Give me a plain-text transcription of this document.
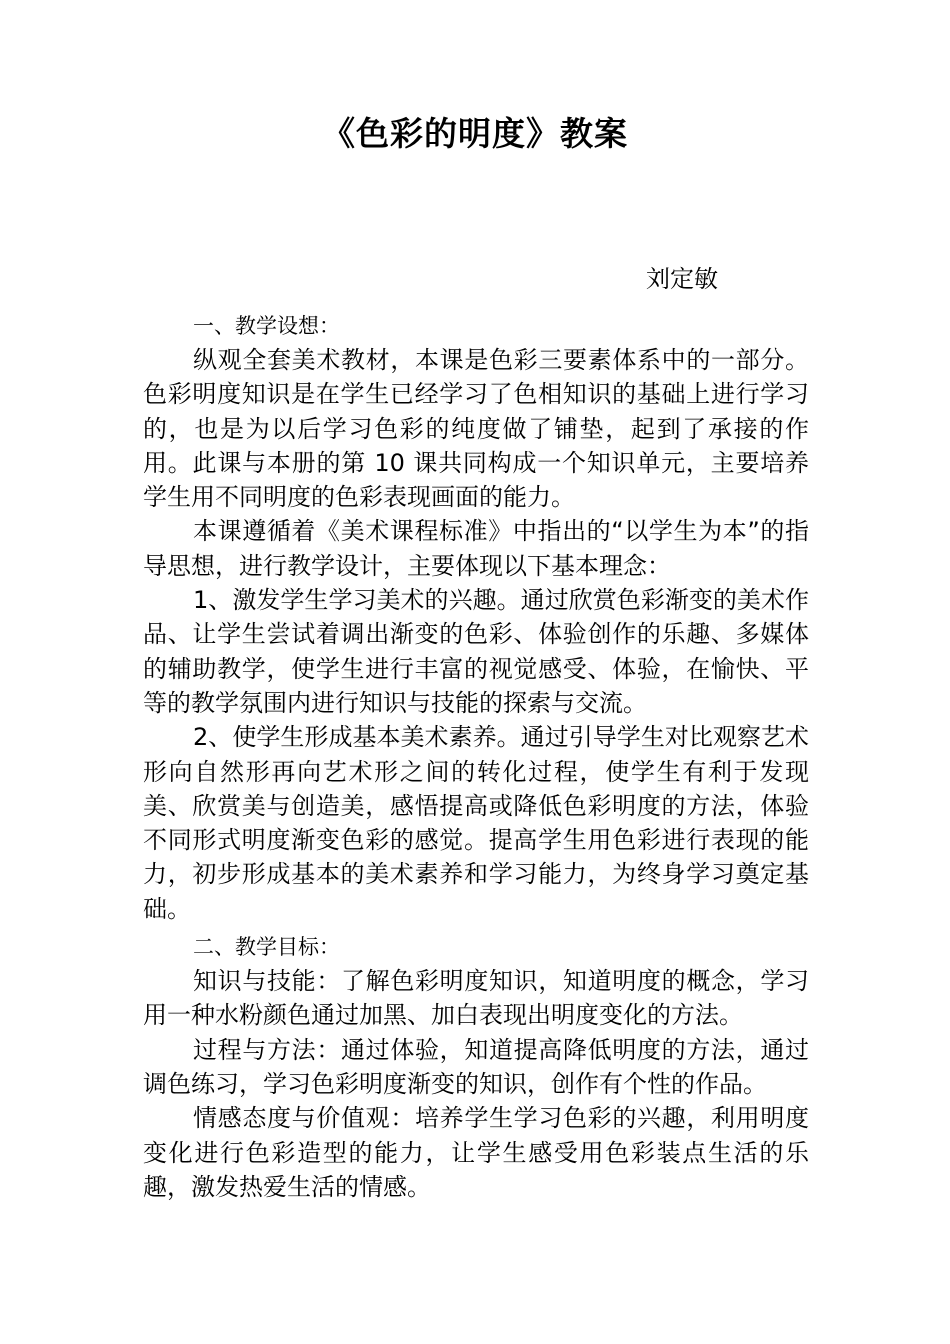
《色彩的明度》教案
刘定敏

一、教学设想：

纵观全套美术教材，本课是色彩三要素体系中的一部分。色彩明度知识是在学生已经学习了色相知识的基础上进行学习的，也是为以后学习色彩的纯度做了铺垫，起到了承接的作用。此课与本册的第 10 课共同构成一个知识单元，主要培养学生用不同明度的色彩表现画面的能力。

本课遵循着《美术课程标准》中指出的“以学生为本”的指导思想，进行教学设计，主要体现以下基本理念：

1、激发学生学习美术的兴趣。通过欣赏色彩渐变的美术作品、让学生尝试着调出渐变的色彩、体验创作的乐趣、多媒体的辅助教学，使学生进行丰富的视觉感受、体验，在愉快、平等的教学氛围内进行知识与技能的探索与交流。

2、使学生形成基本美术素养。通过引导学生对比观察艺术形向自然形再向艺术形之间的转化过程，使学生有利于发现美、欣赏美与创造美，感悟提高或降低色彩明度的方法，体验不同形式明度渐变色彩的感觉。提高学生用色彩进行表现的能力，初步形成基本的美术素养和学习能力，为终身学习奠定基础。

二、教学目标：

知识与技能：了解色彩明度知识，知道明度的概念，学习用一种水粉颜色通过加黑、加白表现出明度变化的方法。

过程与方法：通过体验，知道提高降低明度的方法，通过调色练习，学习色彩明度渐变的知识，创作有个性的作品。

情感态度与价值观：培养学生学习色彩的兴趣，利用明度变化进行色彩造型的能力，让学生感受用色彩装点生活的乐趣，激发热爱生活的情感。
